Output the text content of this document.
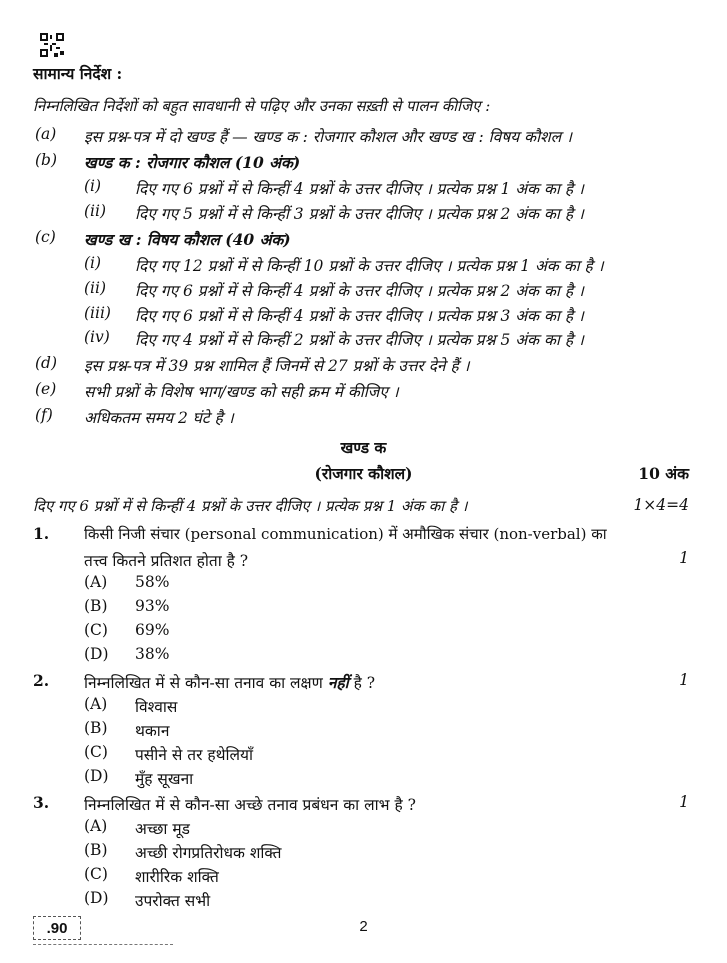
सामान्य निर्देश :
निम्नलिखित निर्देशों को बहुत सावधानी से पढ़िए और उनका सख़्ती से पालन कीजिए :
(a) इस प्रश्न-पत्र में दो खण्ड हैं — खण्ड क : रोजगार कौशल और खण्ड ख : विषय कौशल ।
(b) खण्ड क : रोजगार कौशल (10 अंक)
(i) दिए गए 6 प्रश्नों में से किन्हीं 4 प्रश्नों के उत्तर दीजिए । प्रत्येक प्रश्न 1 अंक का है ।
(ii) दिए गए 5 प्रश्नों में से किन्हीं 3 प्रश्नों के उत्तर दीजिए । प्रत्येक प्रश्न 2 अंक का है ।
(c) खण्ड ख : विषय कौशल (40 अंक)
(i) दिए गए 12 प्रश्नों में से किन्हीं 10 प्रश्नों के उत्तर दीजिए । प्रत्येक प्रश्न 1 अंक का है ।
(ii) दिए गए 6 प्रश्नों में से किन्हीं 4 प्रश्नों के उत्तर दीजिए । प्रत्येक प्रश्न 2 अंक का है ।
(iii) दिए गए 6 प्रश्नों में से किन्हीं 4 प्रश्नों के उत्तर दीजिए । प्रत्येक प्रश्न 3 अंक का है ।
(iv) दिए गए 4 प्रश्नों में से किन्हीं 2 प्रश्नों के उत्तर दीजिए । प्रत्येक प्रश्न 5 अंक का है ।
(d) इस प्रश्न-पत्र में 39 प्रश्न शामिल हैं जिनमें से 27 प्रश्नों के उत्तर देने हैं ।
(e) सभी प्रश्नों के विशेष भाग/खण्ड को सही क्रम में कीजिए ।
(f) अधिकतम समय 2 घंटे है ।
खण्ड क
(रोजगार कौशल)	10 अंक
दिए गए 6 प्रश्नों में से किन्हीं 4 प्रश्नों के उत्तर दीजिए । प्रत्येक प्रश्न 1 अंक का है ।	1×4=4
1. किसी निजी संचार (personal communication) में अमौखिक संचार (non-verbal) का
तत्त्व कितने प्रतिशत होता है ?	1
(A) 58%
(B) 93%
(C) 69%
(D) 38%
2. निम्नलिखित में से कौन-सा तनाव का लक्षण नहीं है ?	1
(A) विश्वास
(B) थकान
(C) पसीने से तर हथेलियाँ
(D) मुँह सूखना
3. निम्नलिखित में से कौन-सा अच्छे तनाव प्रबंधन का लाभ है ?	1
(A) अच्छा मूड
(B) अच्छी रोगप्रतिरोधक शक्ति
(C) शारीरिक शक्ति
(D) उपरोक्त सभी
.90	2
